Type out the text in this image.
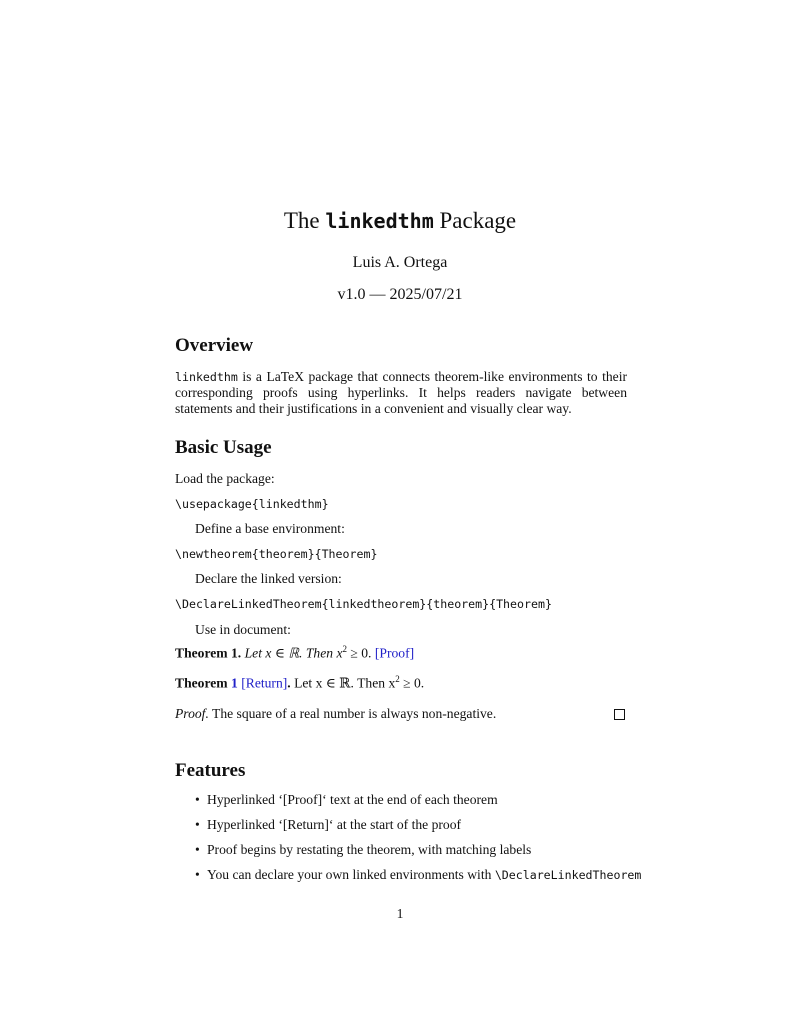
The linkedthm Package
Luis A. Ortega
v1.0 — 2025/07/21
Overview
linkedthm is a LaTeX package that connects theorem-like environments to their corresponding proofs using hyperlinks. It helps readers navigate between statements and their justifications in a convenient and visually clear way.
Basic Usage
Load the package:
\usepackage{linkedthm}
Define a base environment:
\newtheorem{theorem}{Theorem}
Declare the linked version:
\DeclareLinkedTheorem{linkedtheorem}{theorem}{Theorem}
Use in document:
Theorem 1. Let x ∈ ℝ. Then $x^2 \ge 0$. [Proof]
Theorem 1 [Return]. Let x ∈ ℝ. Then $x^2 \ge 0$.
Proof. The square of a real number is always non-negative.
Features
• Hyperlinked ‘[Proof]‘ text at the end of each theorem
• Hyperlinked ‘[Return]‘ at the start of the proof
• Proof begins by restating the theorem, with matching labels
• You can declare your own linked environments with \DeclareLinkedTheorem
1
